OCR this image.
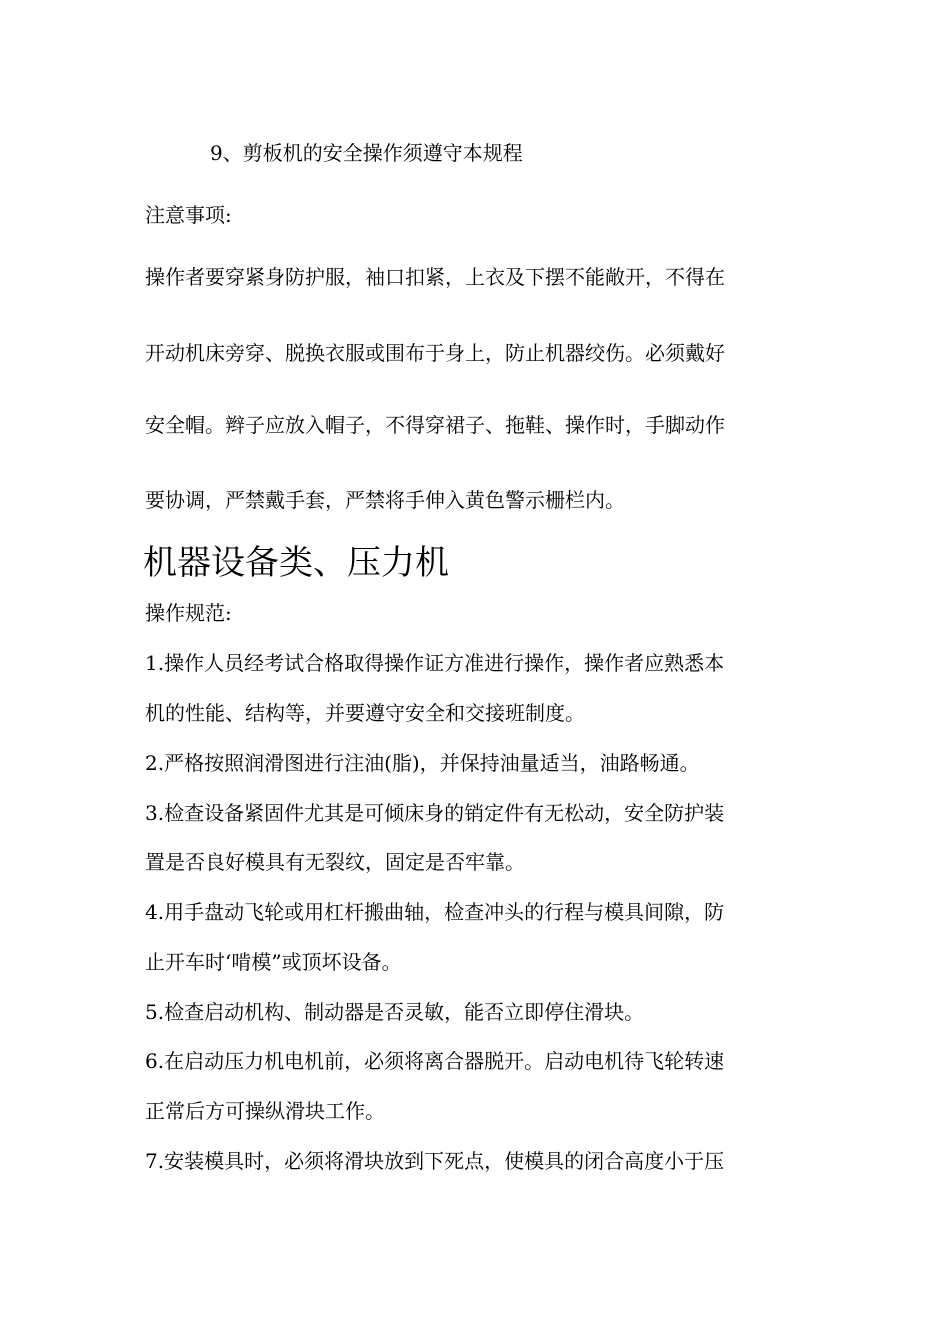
9、剪板机的安全操作须遵守本规程
注意事项:
操作者要穿紧身防护服，袖口扣紧，上衣及下摆不能敞开，不得在
开动机床旁穿、脱换衣服或围布于身上，防止机器绞伤。必须戴好
安全帽。辫子应放入帽子，不得穿裙子、拖鞋、操作时，手脚动作
要协调，严禁戴手套，严禁将手伸入黄色警示栅栏内。
机器设备类、压力机
操作规范:
1.操作人员经考试合格取得操作证方准进行操作，操作者应熟悉本
机的性能、结构等，并要遵守安全和交接班制度。
2.严格按照润滑图进行注油(脂)，并保持油量适当，油路畅通。
3.检查设备紧固件尤其是可倾床身的销定件有无松动，安全防护装
置是否良好模具有无裂纹，固定是否牢靠。
4.用手盘动飞轮或用杠杆搬曲轴，检查冲头的行程与模具间隙，防
止开车时‘啃模”或顶坏设备。
5.检查启动机构、制动器是否灵敏，能否立即停住滑块。
6.在启动压力机电机前，必须将离合器脱开。启动电机待飞轮转速
正常后方可操纵滑块工作。
7.安装模具时，必须将滑块放到下死点，使模具的闭合高度小于压
